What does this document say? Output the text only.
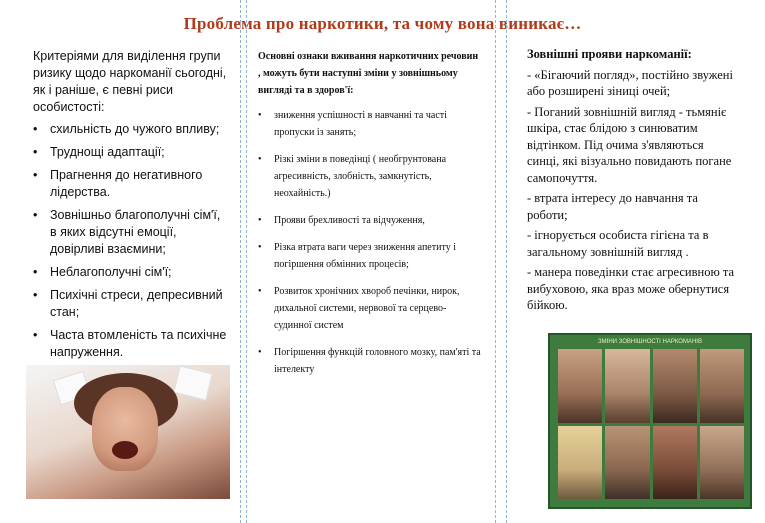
Проблема про наркотики, та чому вона виникає…

Критеріями для виділення групи ризику щодо наркоманії сьогодні, як і раніше, є певні риси особистості:

• схильність до чужого впливу;
• Труднощі адаптації;
• Прагнення до негативного лідерства.
• Зовнішньо благополучні сім'ї, в яких відсутні емоції, довірливі взаємини;
• Неблагополучні сім'ї;
• Психічні стреси, депресивний стан;
• Часта втомленість та психічне напруження.
Основні ознаки вживання наркотичних речовин , можуть бути наступні зміни у зовнішньому вигляді та в здоров'ї:
• зниження успішності в навчанні та часті пропуски із занять;
• Різкі зміни в поведінці ( необгрунтована агресивність, злобність, замкнутість, неохайність.)
• Прояви брехливості та відчуження,
• Різка втрата ваги через зниження апетиту і погіршення обмінних процесів;
• Розвиток хронічних хвороб печінки, нирок, дихальної системи, нервової та серцево- судинної систем
• Погіршення функцій головного мозку, пам'яті та інтелекту
Зовнішні прояви наркоманії:

- «Бігаючий погляд», постійно звужені або розширені зіниці очей;

- Поганий зовнішній вигляд - тьмяніє шкіра, стає блідою з синюватим відтінком. Під очима з'являються синці, які візуально повидають погане самопочуття.

- втрата інтересу до навчання та роботи;

- ігнорується особиста гігієна та в загальному зовнішній вигляд .

- манера поведінки стає агресивною та вибуховою, яка враз може обернутися бійкою.

ЗМІНИ ЗОВНІШНОСТІ НАРКОМАНІВ
